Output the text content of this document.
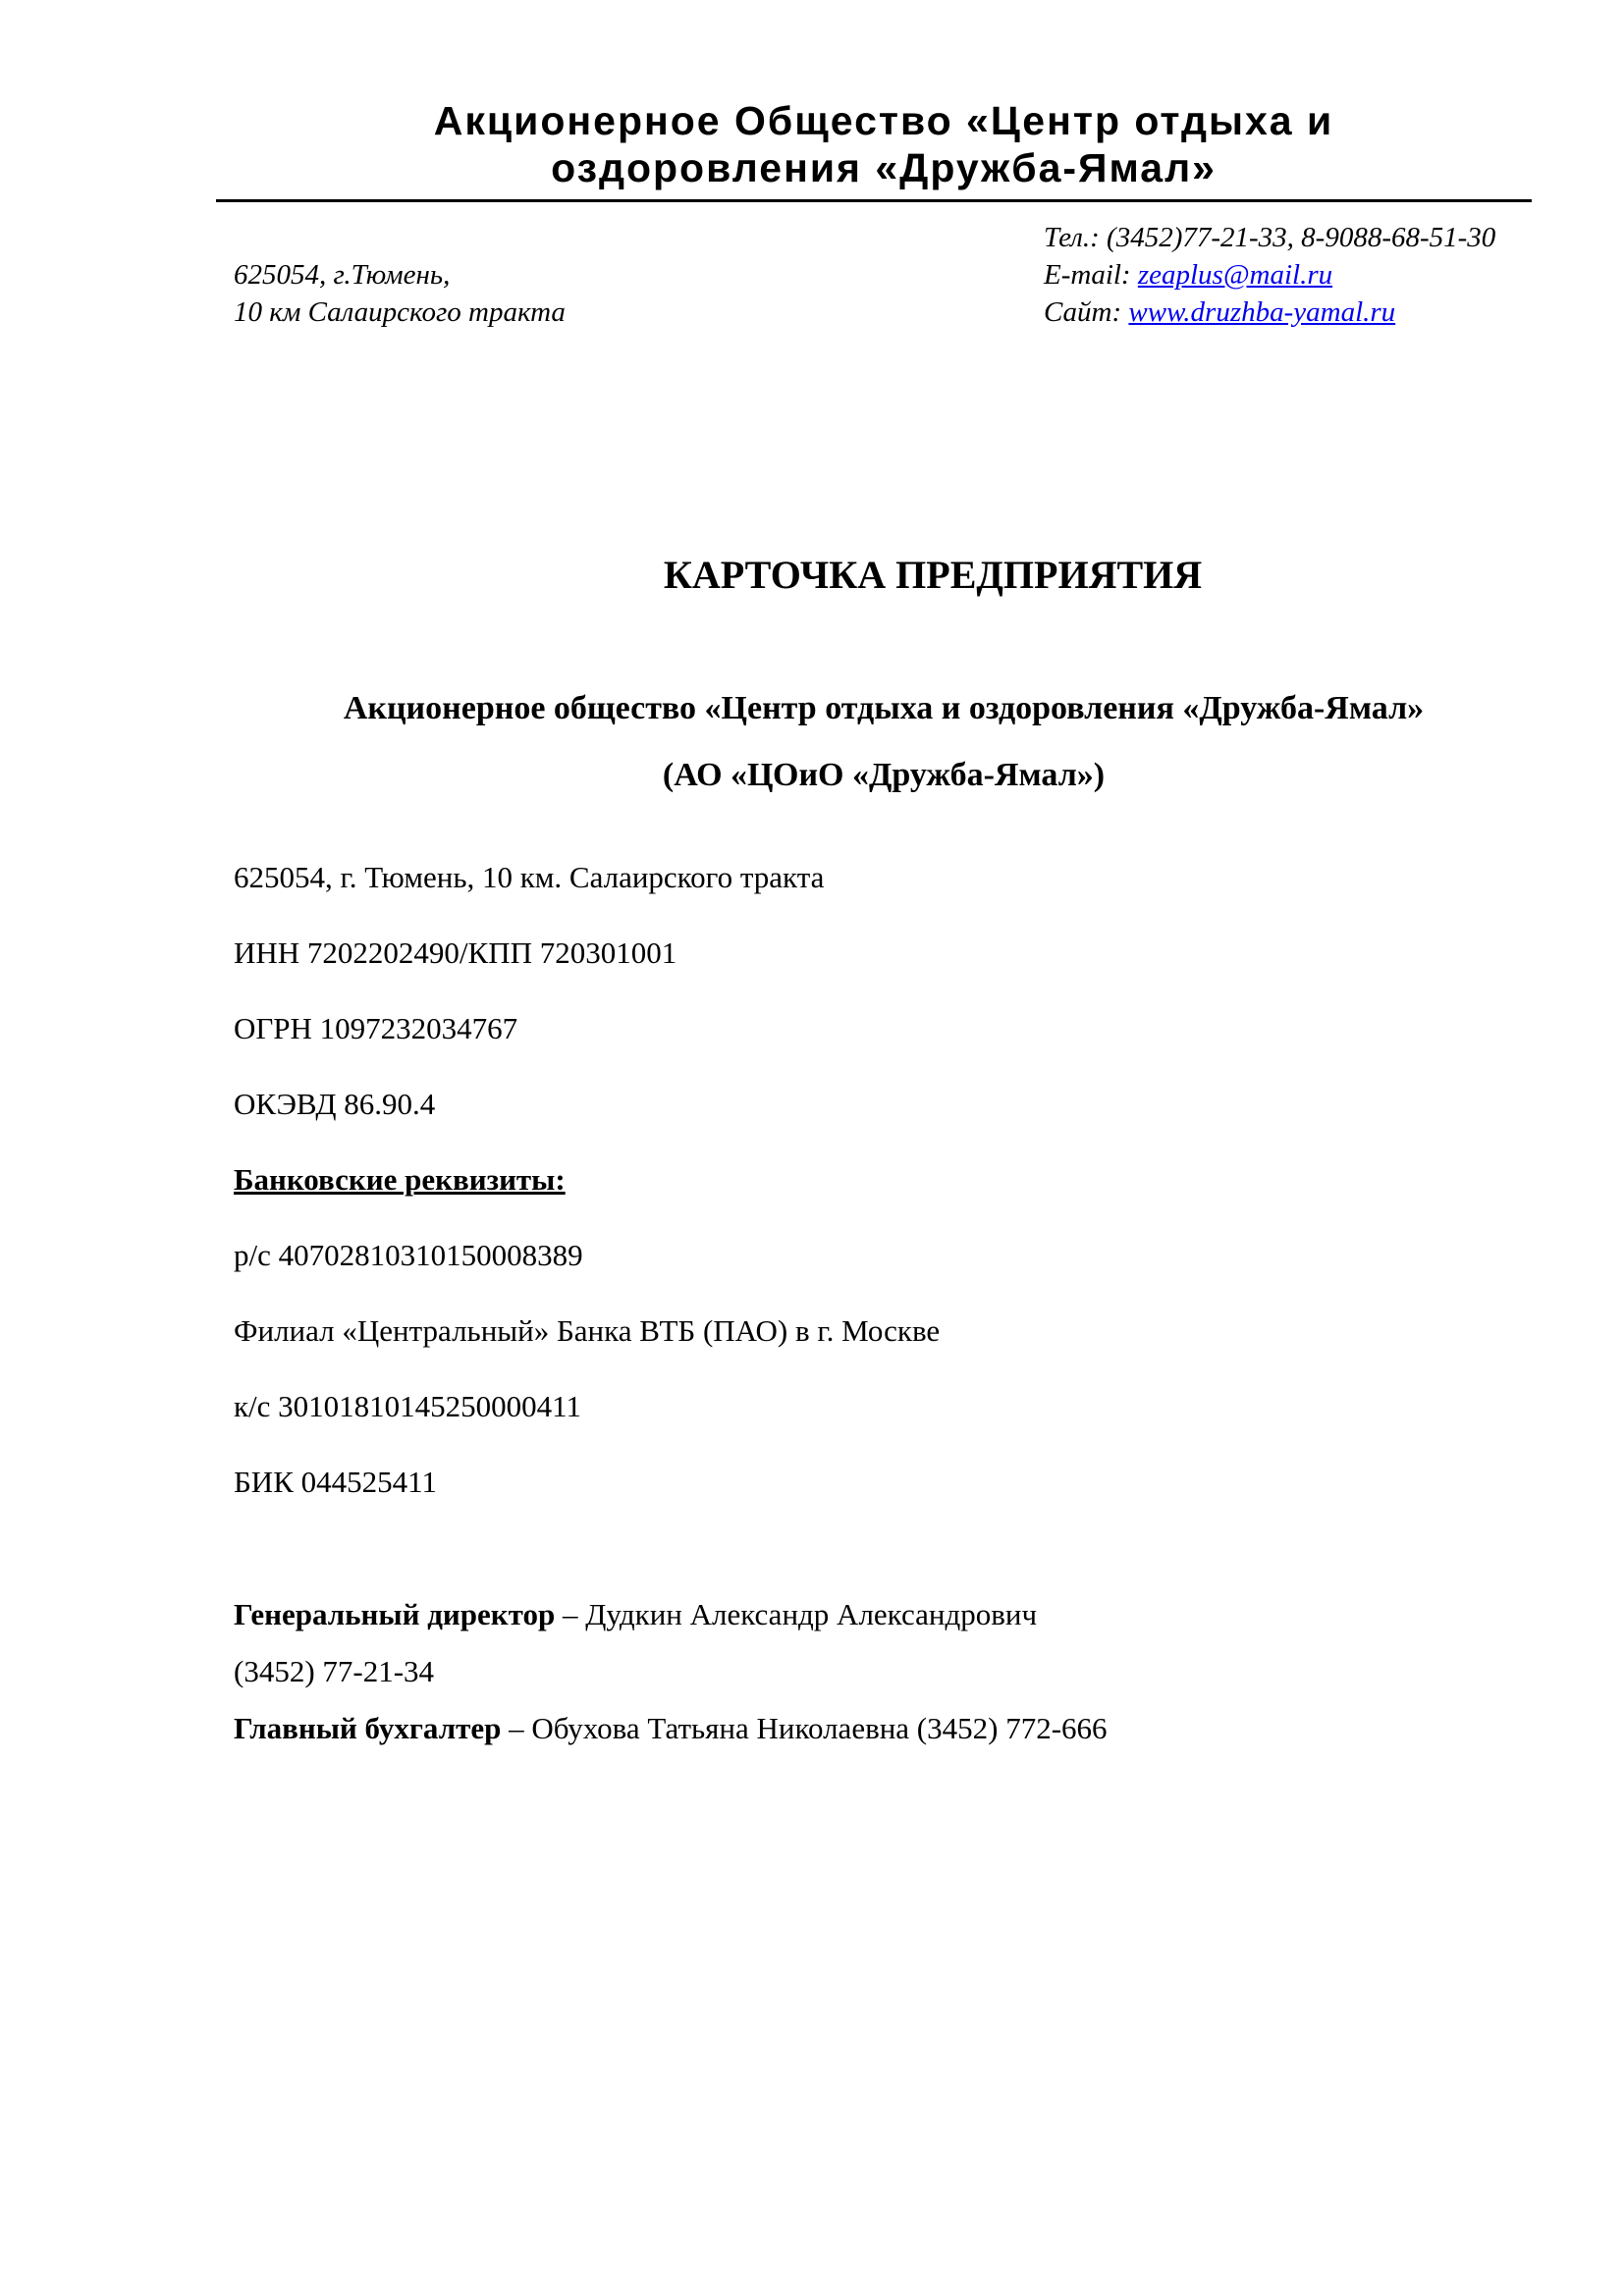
Акционерное Общество «Центр отдыха и
оздоровления «Дружба-Ямал»
625054, г.Тюмень,
10 км Салаирского тракта
Тел.: (3452)77-21-33, 8-9088-68-51-30
E-mail: zeaplus@mail.ru
Сайт: www.druzhba-yamal.ru
КАРТОЧКА ПРЕДПРИЯТИЯ
Акционерное общество «Центр отдыха и оздоровления «Дружба-Ямал»
(АО «ЦОиО «Дружба-Ямал»)
625054, г. Тюмень, 10 км. Салаирского тракта
ИНН 7202202490/КПП 720301001
ОГРН 1097232034767
ОКЭВД 86.90.4
Банковские реквизиты:
р/с 40702810310150008389
Филиал «Центральный» Банка ВТБ (ПАО) в г. Москве
к/с 30101810145250000411
БИК 044525411
Генеральный директор – Дудкин Александр Александрович
(3452) 77-21-34
Главный бухгалтер – Обухова Татьяна Николаевна (3452) 772-666
